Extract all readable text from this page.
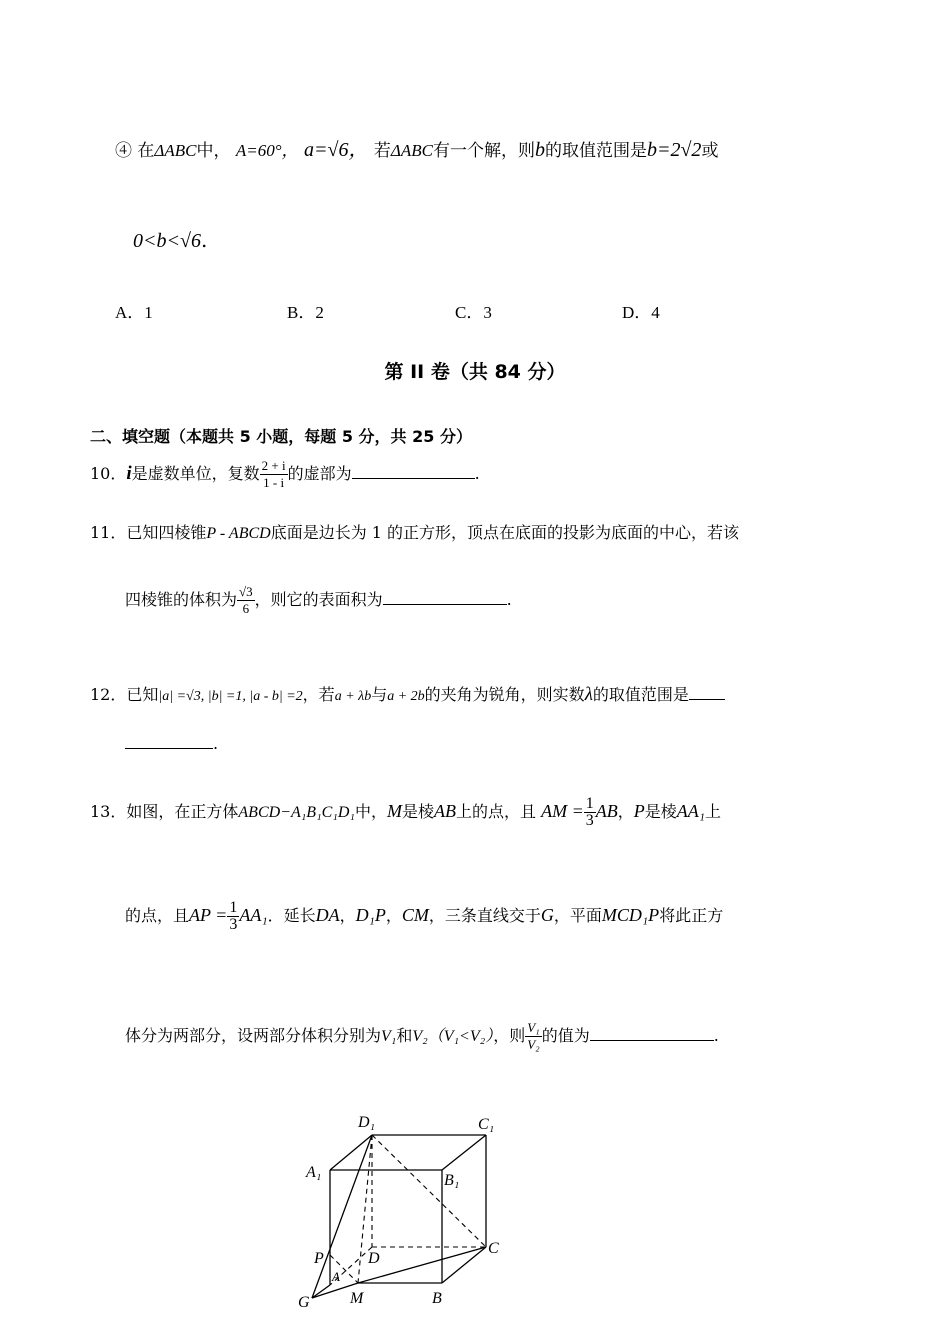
④ 在ΔABC中， A=60°， a=√6， 若ΔABC有一个解，则b的取值范围是b=2√2或
0<b<√6.
A．1	B．2	C．3	D．4
第 II 卷（共 84 分）
二、填空题（本题共 5 小题，每题 5 分，共 25 分）
10．i是虚数单位，复数 $\frac{2 + i}{1 - i}$ 的虚部为	.
11．已知四棱锥P - ABCD底面是边长为 1 的正方形，顶点在底面的投影为底面的中心，若该
四棱锥的体积为 $\frac{√3}{6}$ ，则它的表面积为	.
12．已知|a| =√3, |b| =1, |a - b| =2，若a + λb与a + 2b的夹角为锐角，则实数λ的取值范围是
.
13．如图，在正方体ABCD−A₁B₁C₁D₁中，M是棱AB上的点，且 AM = $\frac{1}{3}$ AB，P是棱AA₁上
的点，且AP = $\frac{1}{3} AA_1$．延长DA，D₁P，CM，三条直线交于G，平面MCD₁P将此正方
体分为两部分，设两部分体积分别为V₁和V₂（V₁<V₂），则 $\frac{\text{V₁}}{\text{V₂}}$ 的值为	.
D₁	C₁
A₁	B₁
P	D
C
A
G	M	B
